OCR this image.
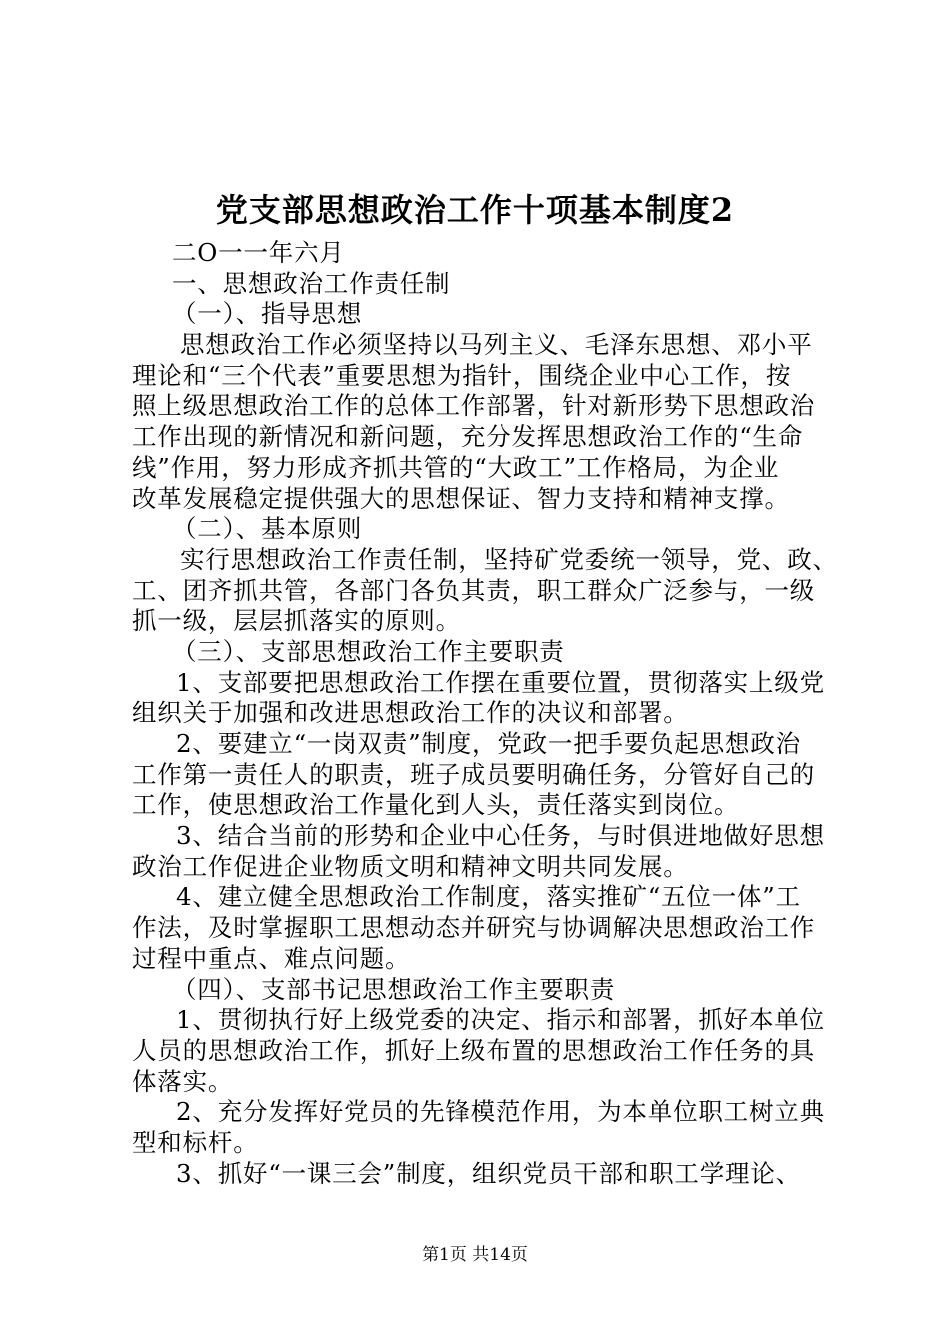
党支部思想政治工作十项基本制度2
二O一一年六月
一、思想政治工作责任制
（一）、指导思想
思想政治工作必须坚持以马列主义、毛泽东思想、邓小平
理论和“三个代表”重要思想为指针，围绕企业中心工作，按
照上级思想政治工作的总体工作部署，针对新形势下思想政治
工作出现的新情况和新问题，充分发挥思想政治工作的“生命
线”作用，努力形成齐抓共管的“大政工”工作格局，为企业
改革发展稳定提供强大的思想保证、智力支持和精神支撑。
（二）、基本原则
实行思想政治工作责任制，坚持矿党委统一领导，党、政、
工、团齐抓共管，各部门各负其责，职工群众广泛参与，一级
抓一级，层层抓落实的原则。
（三）、支部思想政治工作主要职责
1、支部要把思想政治工作摆在重要位置，贯彻落实上级党
组织关于加强和改进思想政治工作的决议和部署。
2、要建立“一岗双责”制度，党政一把手要负起思想政治
工作第一责任人的职责，班子成员要明确任务，分管好自己的
工作，使思想政治工作量化到人头，责任落实到岗位。
3、结合当前的形势和企业中心任务，与时俱进地做好思想
政治工作促进企业物质文明和精神文明共同发展。
4、建立健全思想政治工作制度，落实推矿“五位一体”工
作法，及时掌握职工思想动态并研究与协调解决思想政治工作
过程中重点、难点问题。
（四）、支部书记思想政治工作主要职责
1、贯彻执行好上级党委的决定、指示和部署，抓好本单位
人员的思想政治工作，抓好上级布置的思想政治工作任务的具
体落实。
2、充分发挥好党员的先锋模范作用，为本单位职工树立典
型和标杆。
3、抓好“一课三会”制度，组织党员干部和职工学理论、
第1页 共14页
